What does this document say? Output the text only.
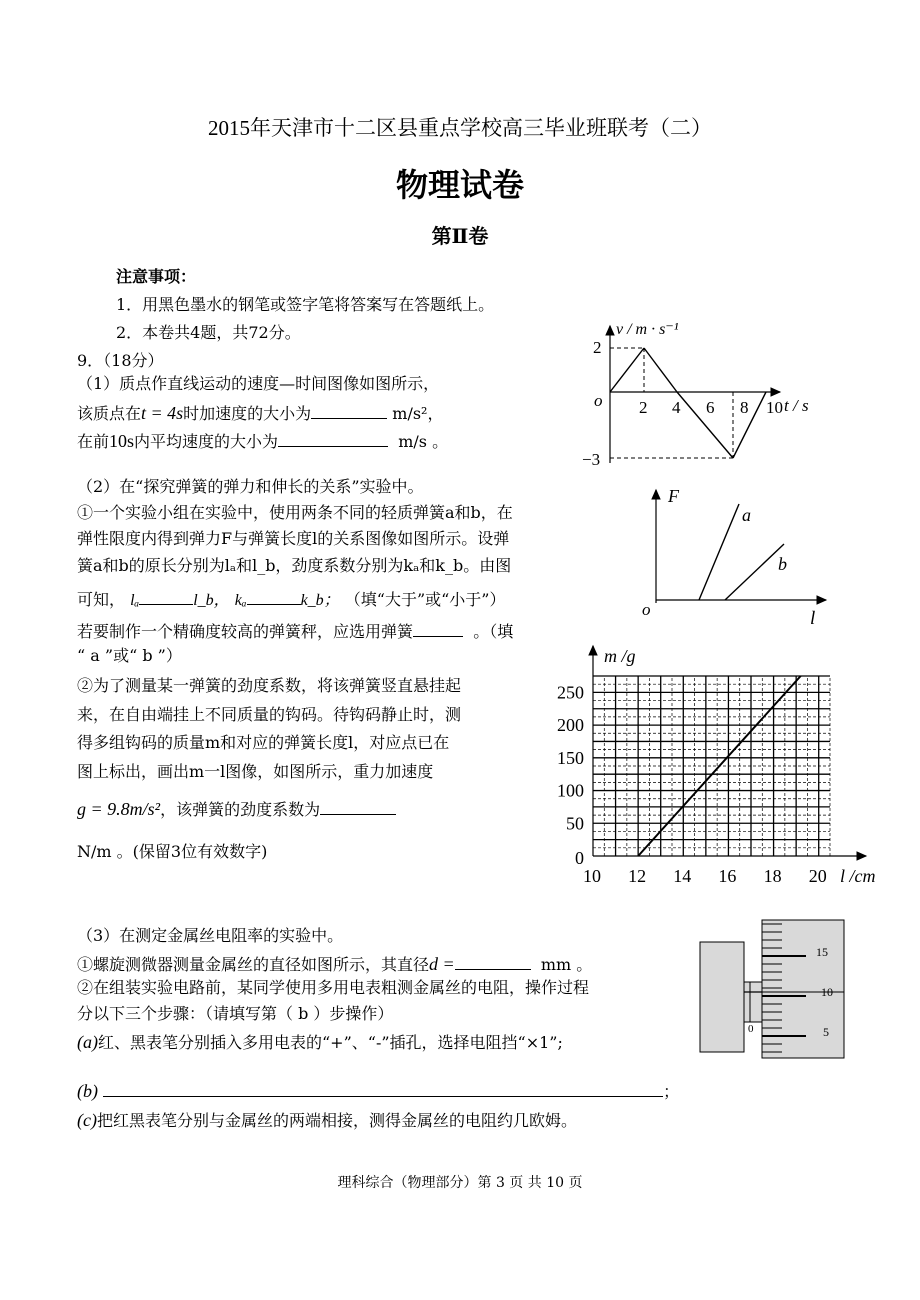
2015年天津市十二区县重点学校高三毕业班联考（二）
物理试卷
第Ⅱ卷
注意事项：
1．用黑色墨水的钢笔或签字笔将答案写在答题纸上。
2．本卷共4题，共72分。
9．（18分）
（1）质点作直线运动的速度—时间图像如图所示，
该质点在t = 4s时加速度的大小为	m/s²，
在前10s内平均速度的大小为	m/s 。
v / m · s⁻¹
t / s
o
2
−3
2 4 6 8 10
（2）在“探究弹簧的弹力和伸长的关系”实验中。
①一个实验小组在实验中，使用两条不同的轻质弹簧a和b，在
弹性限度内得到弹力F与弹簧长度l的关系图像如图所示。设弹
簧a和b的原长分别为lₐ和l_b，劲度系数分别为kₐ和k_b。由图
可知， lₐ	l_b， kₐ	k_b； （填“大于”或“小于”）
若要制作一个精确度较高的弹簧秤，应选用弹簧	。（填
“ a ”或“ b ”）
②为了测量某一弹簧的劲度系数，将该弹簧竖直悬挂起
来，在自由端挂上不同质量的钩码。待钩码静止时，测
得多组钩码的质量m和对应的弹簧长度l，对应点已在
图上标出，画出m一l图像，如图所示，重力加速度
g = 9.8m/s²，该弹簧的劲度系数为
N/m 。(保留3位有效数字)
F
l
o
a
b
m /g
l /cm
10 12 14 16 18 20
0
50
100
150
200
250
（3）在测定金属丝电阻率的实验中。
①螺旋测微器测量金属丝的直径如图所示，其直径d =	mm 。
②在组装实验电路前，某同学使用多用电表粗测金属丝的电阻，操作过程
分以下三个步骤：（请填写第（ b ）步操作）
(a)红、黑表笔分别插入多用电表的“+”、“-”插孔，选择电阻挡“×1”;
(b)	；
(c)把红黑表笔分别与金属丝的两端相接，测得金属丝的电阻约几欧姆。
15
10
5
0
理科综合（物理部分）第 3 页 共 10 页
